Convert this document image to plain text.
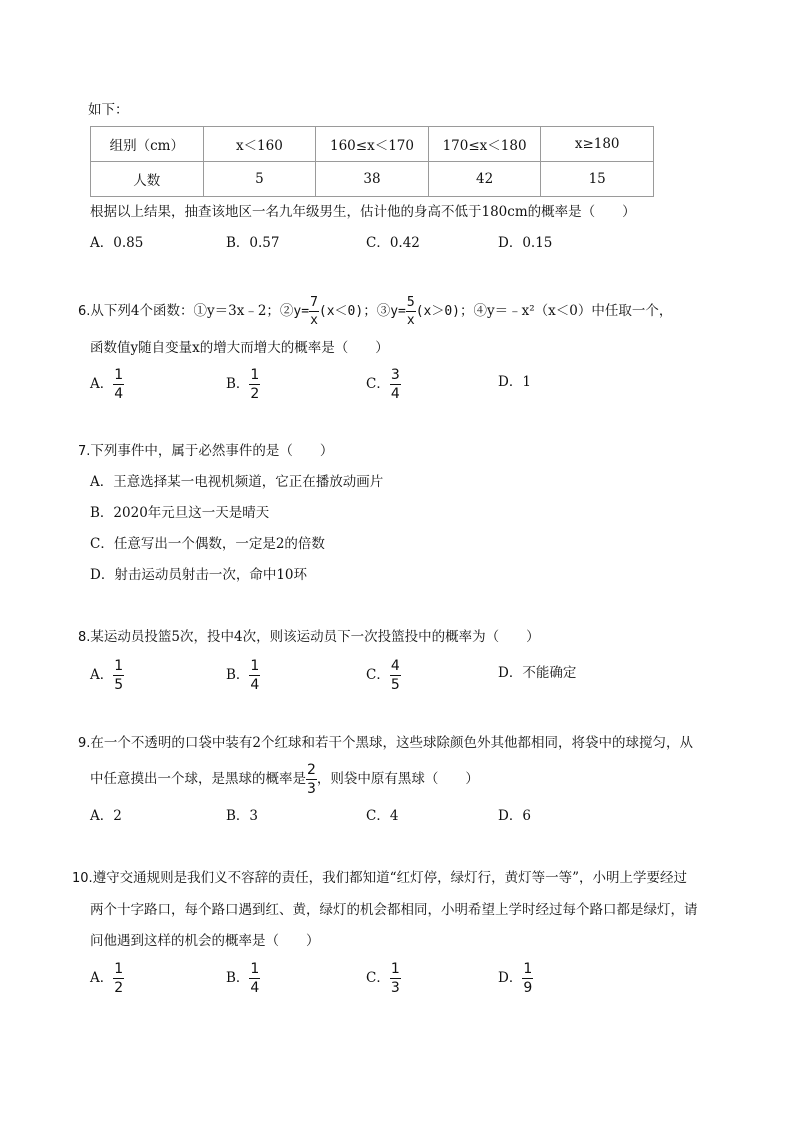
如下：
组别（cm）	x＜160	160≤x＜170	170≤x＜180	x≥180
人数	5	38	42	15
根据以上结果，抽查该地区一名九年级男生，估计他的身高不低于180cm的概率是（　　）
A．0.85	B．0.57	C．0.42	D．0.15
6. 从下列4个函数：①y＝3x﹣2；② $y= \frac{7}{x} (x<0)$ ；③ $y= \frac{5}{x} (x>0)$ ；④y＝﹣x²（x＜0）中任取一个，
函数值y随自变量x的增大而增大的概率是（　　）
A． $\frac{1}{4}$	B． $\frac{1}{2}$	C． $\frac{3}{4}$	D． 1
7.下列事件中，属于必然事件的是（　　）
A．王意选择某一电视机频道，它正在播放动画片
B．2020年元旦这一天是晴天
C．任意写出一个偶数，一定是2的倍数
D．射击运动员射击一次，命中10环
8.某运动员投篮5次，投中4次，则该运动员下一次投篮投中的概率为（　　）
A． $\frac{1}{5}$	B． $\frac{1}{4}$	C． $\frac{4}{5}$	D． 不能确定
9.在一个不透明的口袋中装有2个红球和若干个黑球，这些球除颜色外其他都相同，将袋中的球搅匀，从
中任意摸出一个球，是黑球的概率是 $\frac{2}{3}$ ，则袋中原有黑球（　　）
A．2	B．3	C．4	D．6
10.遵守交通规则是我们义不容辞的责任，我们都知道“红灯停，绿灯行，黄灯等一等”，小明上学要经过
两个十字路口，每个路口遇到红、黄，绿灯的机会都相同，小明希望上学时经过每个路口都是绿灯，请
问他遇到这样的机会的概率是（　　）
A． $\frac{1}{2}$	B． $\frac{1}{4}$	C． $\frac{1}{3}$	D． $\frac{1}{9}$
